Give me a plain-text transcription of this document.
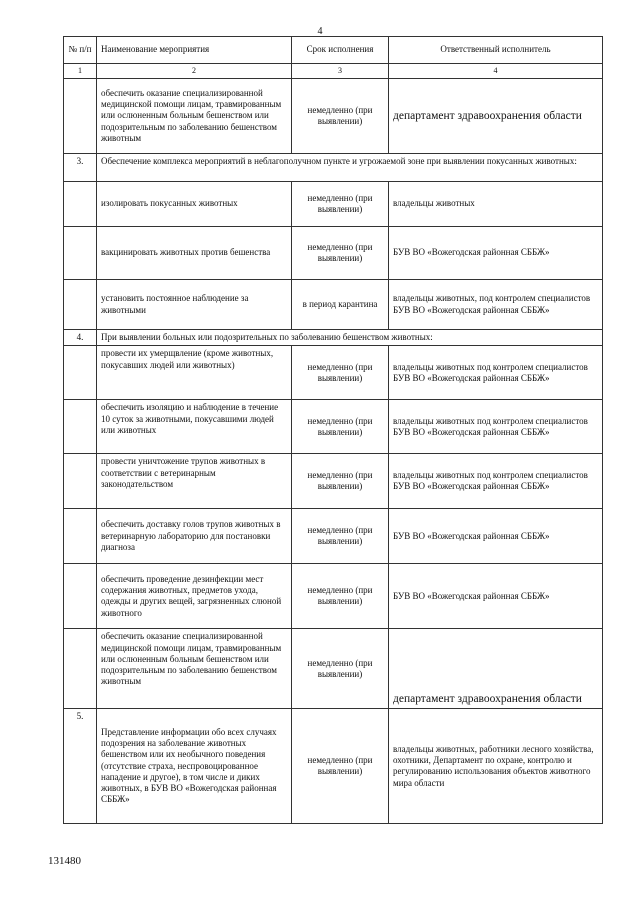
4
№ п/п	Наименование мероприятия	Срок исполнения	Ответственный исполнитель
1	2	3	4
	обеспечить оказание специализированной медицинской помощи лицам, травмированным или ослюненным больным бешенством или подозрительным по заболеванию бешенством животным	немедленно (при выявлении)	департамент здравоохранения области
3.	Обеспечение комплекса мероприятий в неблагополучном пункте и угрожаемой зоне при выявлении покусанных животных:		
	изолировать покусанных животных	немедленно (при выявлении)	владельцы животных
	вакцинировать животных против бешенства	немедленно (при выявлении)	БУВ ВО «Вожегодская районная СББЖ»
	установить постоянное наблюдение за животными	в период карантина	владельцы животных, под контролем специалистов БУВ ВО «Вожегодская районная СББЖ»
4.	При выявлении больных или подозрительных по заболеванию бешенством животных:		
	провести их умерщвление (кроме животных, покусавших людей или животных)	немедленно (при выявлении)	владельцы животных под контролем специалистов БУВ ВО «Вожегодская районная СББЖ»
	обеспечить изоляцию и наблюдение в течение 10 суток за животными, покусавшими людей или животных	немедленно (при выявлении)	владельцы животных под контролем специалистов БУВ ВО «Вожегодская районная СББЖ»
	провести уничтожение трупов животных в соответствии с ветеринарным законодательством	немедленно (при выявлении)	владельцы животных под контролем специалистов БУВ ВО «Вожегодская районная СББЖ»
	обеспечить доставку голов трупов животных в ветеринарную лабораторию для постановки диагноза	немедленно (при выявлении)	БУВ ВО «Вожегодская районная СББЖ»
	обеспечить проведение дезинфекции мест содержания животных, предметов ухода, одежды и других вещей, загрязненных слюной животного	немедленно (при выявлении)	БУВ ВО «Вожегодская районная СББЖ»
	обеспечить оказание специализированной медицинской помощи лицам, травмированным или ослюненным больным бешенством или подозрительным по заболеванию бешенством животным	немедленно (при выявлении)	департамент здравоохранения области
5.	Представление информации обо всех случаях подозрения на заболевание животных бешенством или их необычного поведения (отсутствие страха, неспровоцированное нападение и другое), в том числе и диких животных, в БУВ ВО «Вожегодская районная СББЖ»	немедленно (при выявлении)	владельцы животных, работники лесного хозяйства, охотники, Департамент по охране, контролю и регулированию использования объектов животного мира области
131480
